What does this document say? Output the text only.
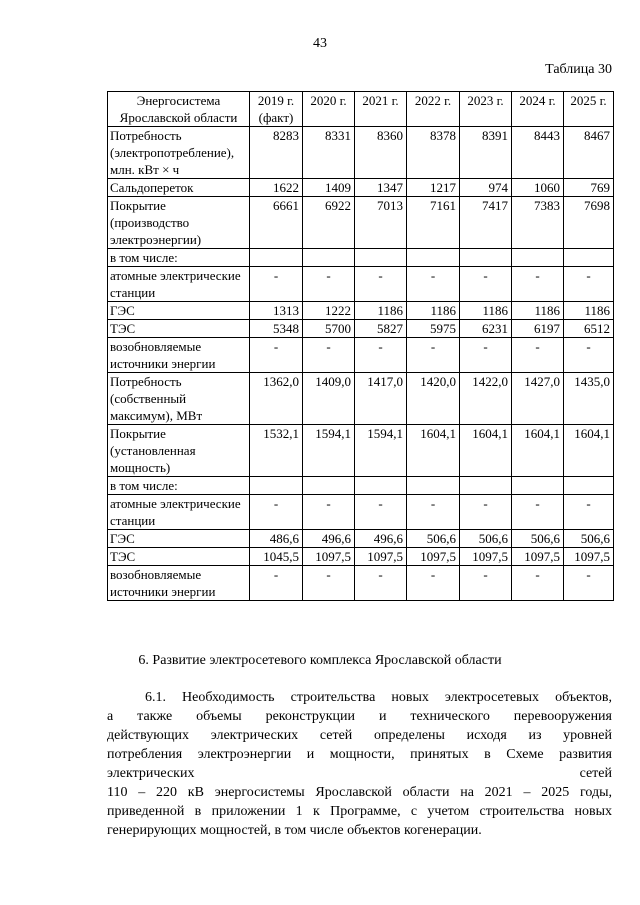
43
Таблица 30
Энергосистема
Ярославской области	2019 г. (факт)	2020 г.	2021 г.	2022 г.	2023 г.	2024 г.	2025 г.
Потребность (электропотребление), млн. кВт × ч	8283	8331	8360	8378	8391	8443	8467
Сальдопереток	1622	1409	1347	1217	974	1060	769
Покрытие (производство электроэнергии)	6661	6922	7013	7161	7417	7383	7698
в том числе:							
атомные электрические станции	-	-	-	-	-	-	-
ГЭС	1313	1222	1186	1186	1186	1186	1186
ТЭС	5348	5700	5827	5975	6231	6197	6512
возобновляемые источники энергии	-	-	-	-	-	-	-
Потребность (собственный максимум), МВт	1362,0	1409,0	1417,0	1420,0	1422,0	1427,0	1435,0
Покрытие (установленная мощность)	1532,1	1594,1	1594,1	1604,1	1604,1	1604,1	1604,1
в том числе:							
атомные электрические станции	-	-	-	-	-	-	-
ГЭС	486,6	496,6	496,6	506,6	506,6	506,6	506,6
ТЭС	1045,5	1097,5	1097,5	1097,5	1097,5	1097,5	1097,5
возобновляемые источники энергии	-	-	-	-	-	-	-
6. Развитие электросетевого комплекса Ярославской области
6.1. Необходимость строительства новых электросетевых объектов,
а также объемы реконструкции и технического перевооружения
действующих электрических сетей определены исходя из уровней
потребления электроэнергии и мощности, принятых в Схеме развития
электрических сетей
110 – 220 кВ энергосистемы Ярославской области на 2021 – 2025 годы,
приведенной в приложении 1 к Программе, с учетом строительства новых
генерирующих мощностей, в том числе объектов когенерации.
